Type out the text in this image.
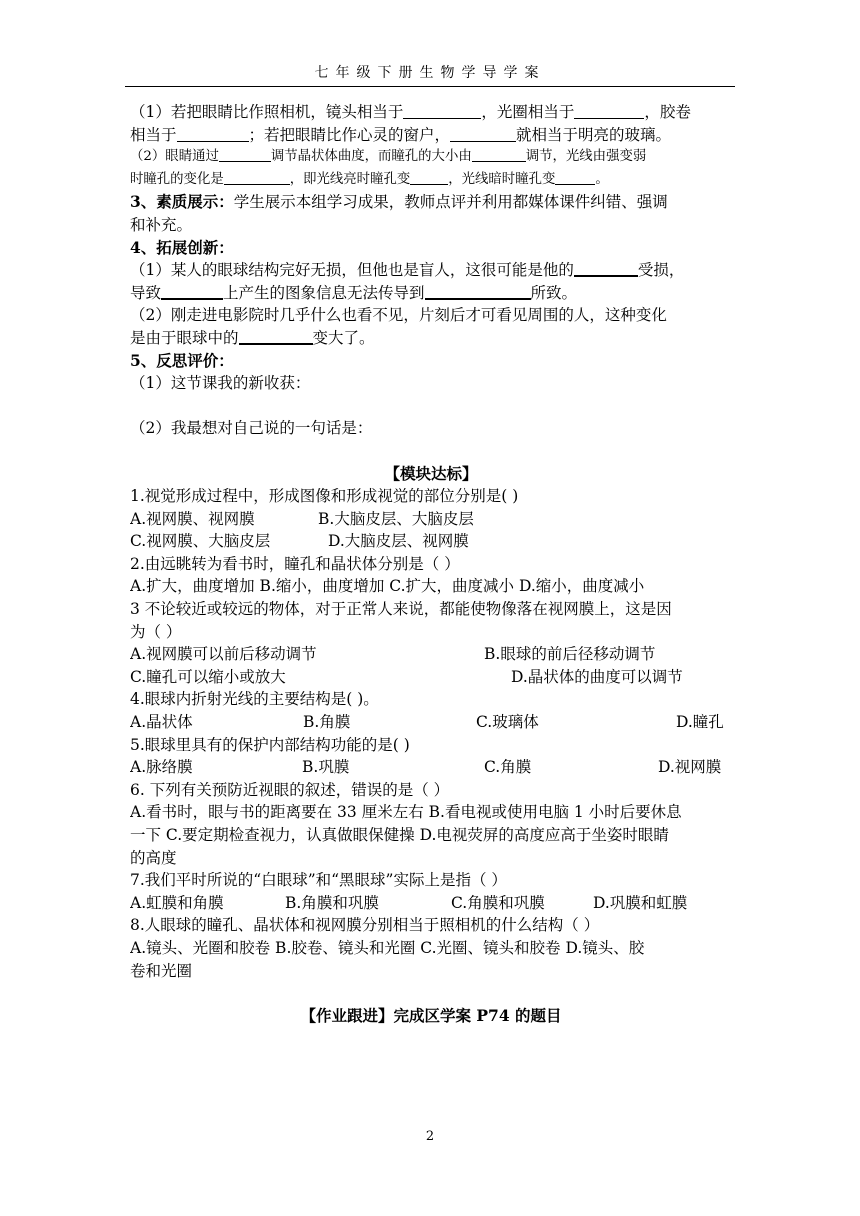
七年级下册生物学导学案
（1）若把眼睛比作照相机，镜头相当于	，光圈相当于	，胶卷
相当于	；若把眼睛比作心灵的窗户，	就相当于明亮的玻璃。
（2）眼睛通过	调节晶状体曲度，而瞳孔的大小由	调节，光线由强变弱
时瞳孔的变化是	，即光线亮时瞳孔变	，光线暗时瞳孔变	。
3、素质展示：学生展示本组学习成果，教师点评并利用都媒体课件纠错、强调
和补充。
4、拓展创新：
（1）某人的眼球结构完好无损，但他也是盲人，这很可能是他的	受损，
导致	上产生的图象信息无法传导到	所致。
（2）刚走进电影院时几乎什么也看不见，片刻后才可看见周围的人，这种变化
是由于眼球中的	变大了。
5、反思评价：
（1）这节课我的新收获：
（2）我最想对自己说的一句话是：
【模块达标】
1.视觉形成过程中，形成图像和形成视觉的部位分别是( )
A.视网膜、视网膜	B.大脑皮层、大脑皮层
C.视网膜、大脑皮层	D.大脑皮层、视网膜
2.由远眺转为看书时，瞳孔和晶状体分别是（ ）
A.扩大，曲度增加 B.缩小，曲度增加 C.扩大，曲度减小 D.缩小，曲度减小
3 不论较近或较远的物体，对于正常人来说，都能使物像落在视网膜上，这是因
为（ ）
A.视网膜可以前后移动调节	B.眼球的前后径移动调节
C.瞳孔可以缩小或放大	D.晶状体的曲度可以调节
4.眼球内折射光线的主要结构是( )。
A.晶状体	B.角膜	C.玻璃体	D.瞳孔
5.眼球里具有的保护内部结构功能的是( )
A.脉络膜	B.巩膜	C.角膜	D.视网膜
6. 下列有关预防近视眼的叙述，错误的是（ ）
A.看书时，眼与书的距离要在 33 厘米左右 B.看电视或使用电脑 1 小时后要休息
一下 C.要定期检查视力，认真做眼保健操 D.电视荧屏的高度应高于坐姿时眼睛
的高度
7.我们平时所说的“白眼球”和“黑眼球”实际上是指（ ）
A.虹膜和角膜	B.角膜和巩膜	C.角膜和巩膜	D.巩膜和虹膜
8.人眼球的瞳孔、晶状体和视网膜分别相当于照相机的什么结构（ ）
A.镜头、光圈和胶卷 B.胶卷、镜头和光圈 C.光圈、镜头和胶卷 D.镜头、胶
卷和光圈
【作业跟进】完成区学案 P74 的题目
2
